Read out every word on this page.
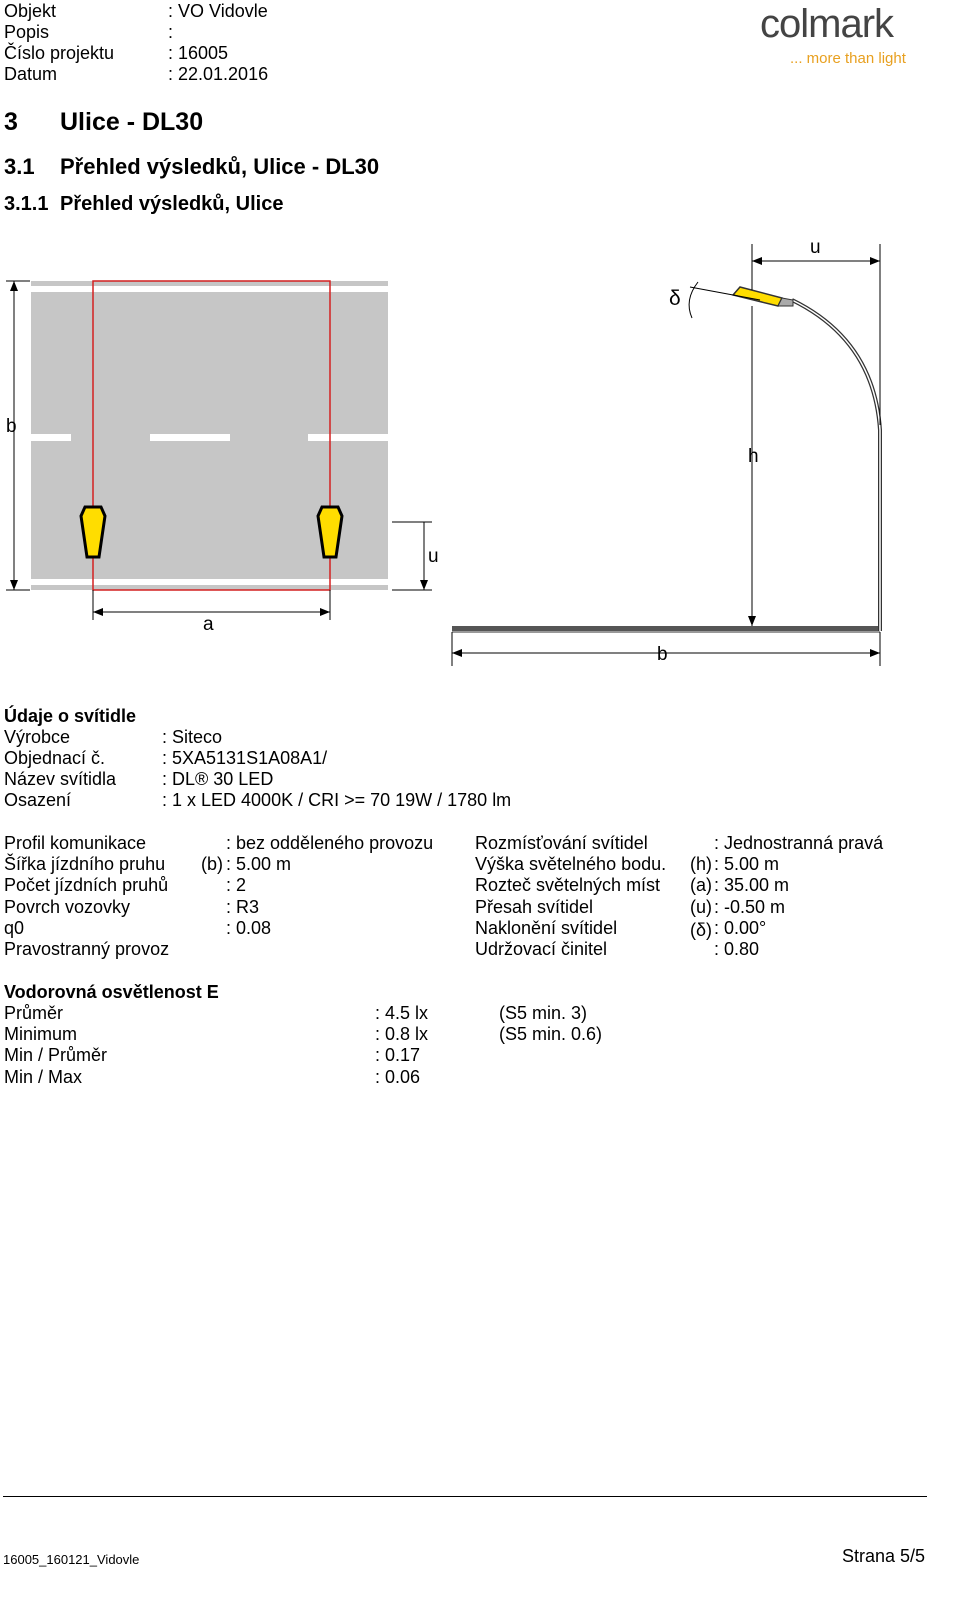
Objekt	: VO Vidovle
Popis	:
Číslo projektu	: 16005
Datum	: 22.01.2016
colmark
... more than light
3 Ulice - DL30
3.1 Přehled výsledků, Ulice - DL30
3.1.1 Přehled výsledků, Ulice
b
u
a
δ
u
h
b
Údaje o svítidle
Výrobce	: Siteco
Objednací č.	: 5XA5131S1A08A1/
Název svítidla	: DL® 30 LED
Osazení	: 1 x LED 4000K / CRI >= 70 19W / 1780 lm
Profil komunikace	: bez odděleného provozu
Šířka jízdního pruhu (b) : 5.00 m
Počet jízdních pruhů	: 2
Povrch vozovky	: R3
q0	: 0.08
Pravostranný provoz
Rozmísťování svítidel	: Jednostranná pravá
Výška světelného bodu. (h) : 5.00 m
Rozteč světelných míst (a) : 35.00 m
Přesah svítidel	(u) : -0.50 m
Naklonění svítidel	(δ) : 0.00°
Udržovací činitel	: 0.80
Vodorovná osvětlenost E
Průměr	: 4.5 lx	(S5 min. 3)
Minimum	: 0.8 lx	(S5 min. 0.6)
Min / Průměr	: 0.17
Min / Max	: 0.06
16005_160121_Vidovle	Strana 5/5
